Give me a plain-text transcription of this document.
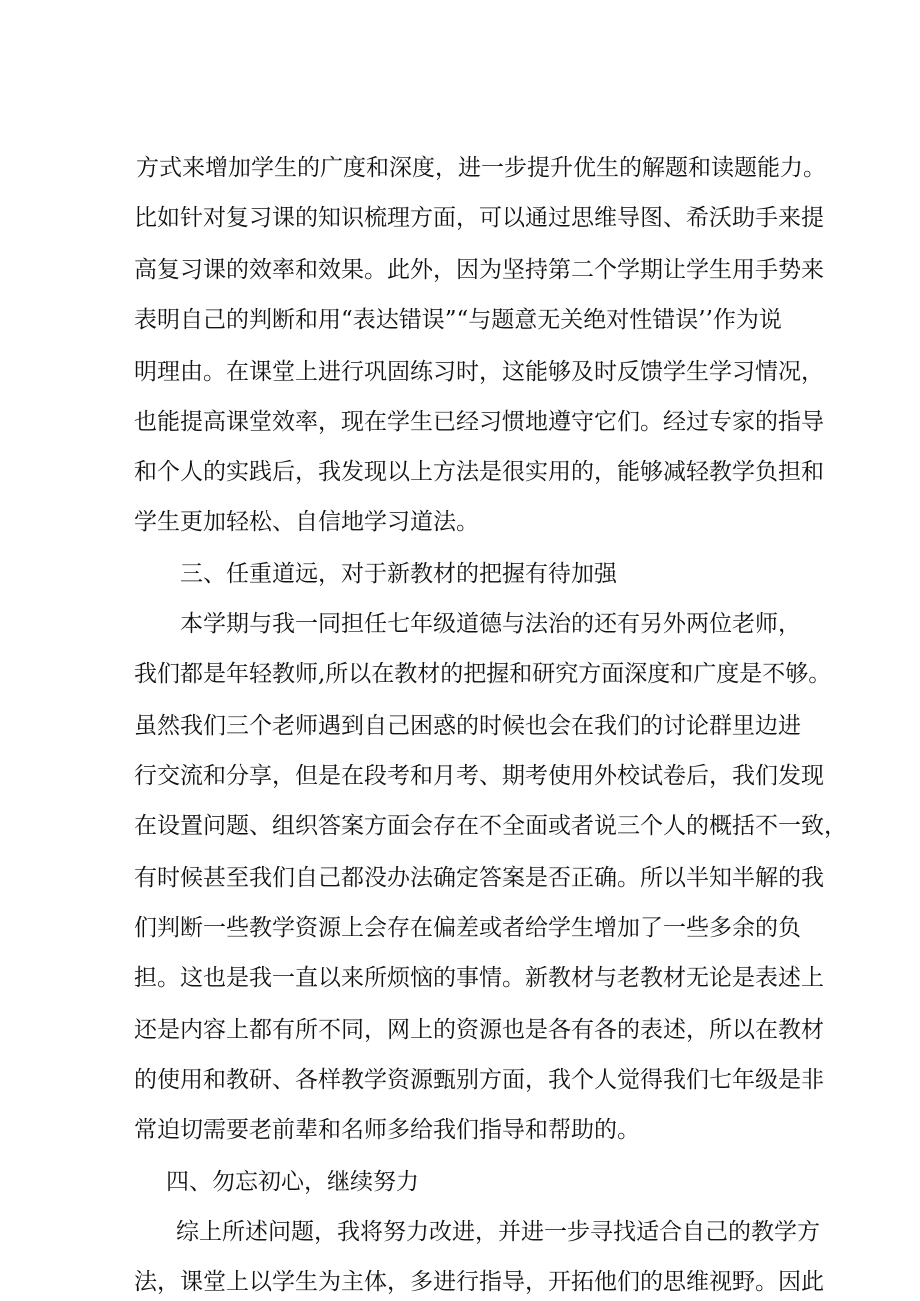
方式来增加学生的广度和深度，进一步提升优生的解题和读题能力。
比如针对复习课的知识梳理方面，可以通过思维导图、希沃助手来提
高复习课的效率和效果。此外，因为坚持第二个学期让学生用手势来
表明自己的判断和用“表达错误”“与题意无关绝对性错误’’作为说
明理由。在课堂上进行巩固练习时，这能够及时反馈学生学习情况，
也能提高课堂效率，现在学生已经习惯地遵守它们。经过专家的指导
和个人的实践后，我发现以上方法是很实用的，能够减轻教学负担和
学生更加轻松、自信地学习道法。
三、任重道远，对于新教材的把握有待加强
本学期与我一同担任七年级道德与法治的还有另外两位老师，
我们都是年轻教师,所以在教材的把握和研究方面深度和广度是不够。
虽然我们三个老师遇到自己困惑的时候也会在我们的讨论群里边进
行交流和分享，但是在段考和月考、期考使用外校试卷后，我们发现
在设置问题、组织答案方面会存在不全面或者说三个人的概括不一致，
有时候甚至我们自己都没办法确定答案是否正确。所以半知半解的我
们判断一些教学资源上会存在偏差或者给学生增加了一些多余的负
担。这也是我一直以来所烦恼的事情。新教材与老教材无论是表述上
还是内容上都有所不同，网上的资源也是各有各的表述，所以在教材
的使用和教研、各样教学资源甄别方面，我个人觉得我们七年级是非
常迫切需要老前辈和名师多给我们指导和帮助的。
四、勿忘初心，继续努力
综上所述问题，我将努力改进，并进一步寻找适合自己的教学方
法，课堂上以学生为主体，多进行指导，开拓他们的思维视野。因此
